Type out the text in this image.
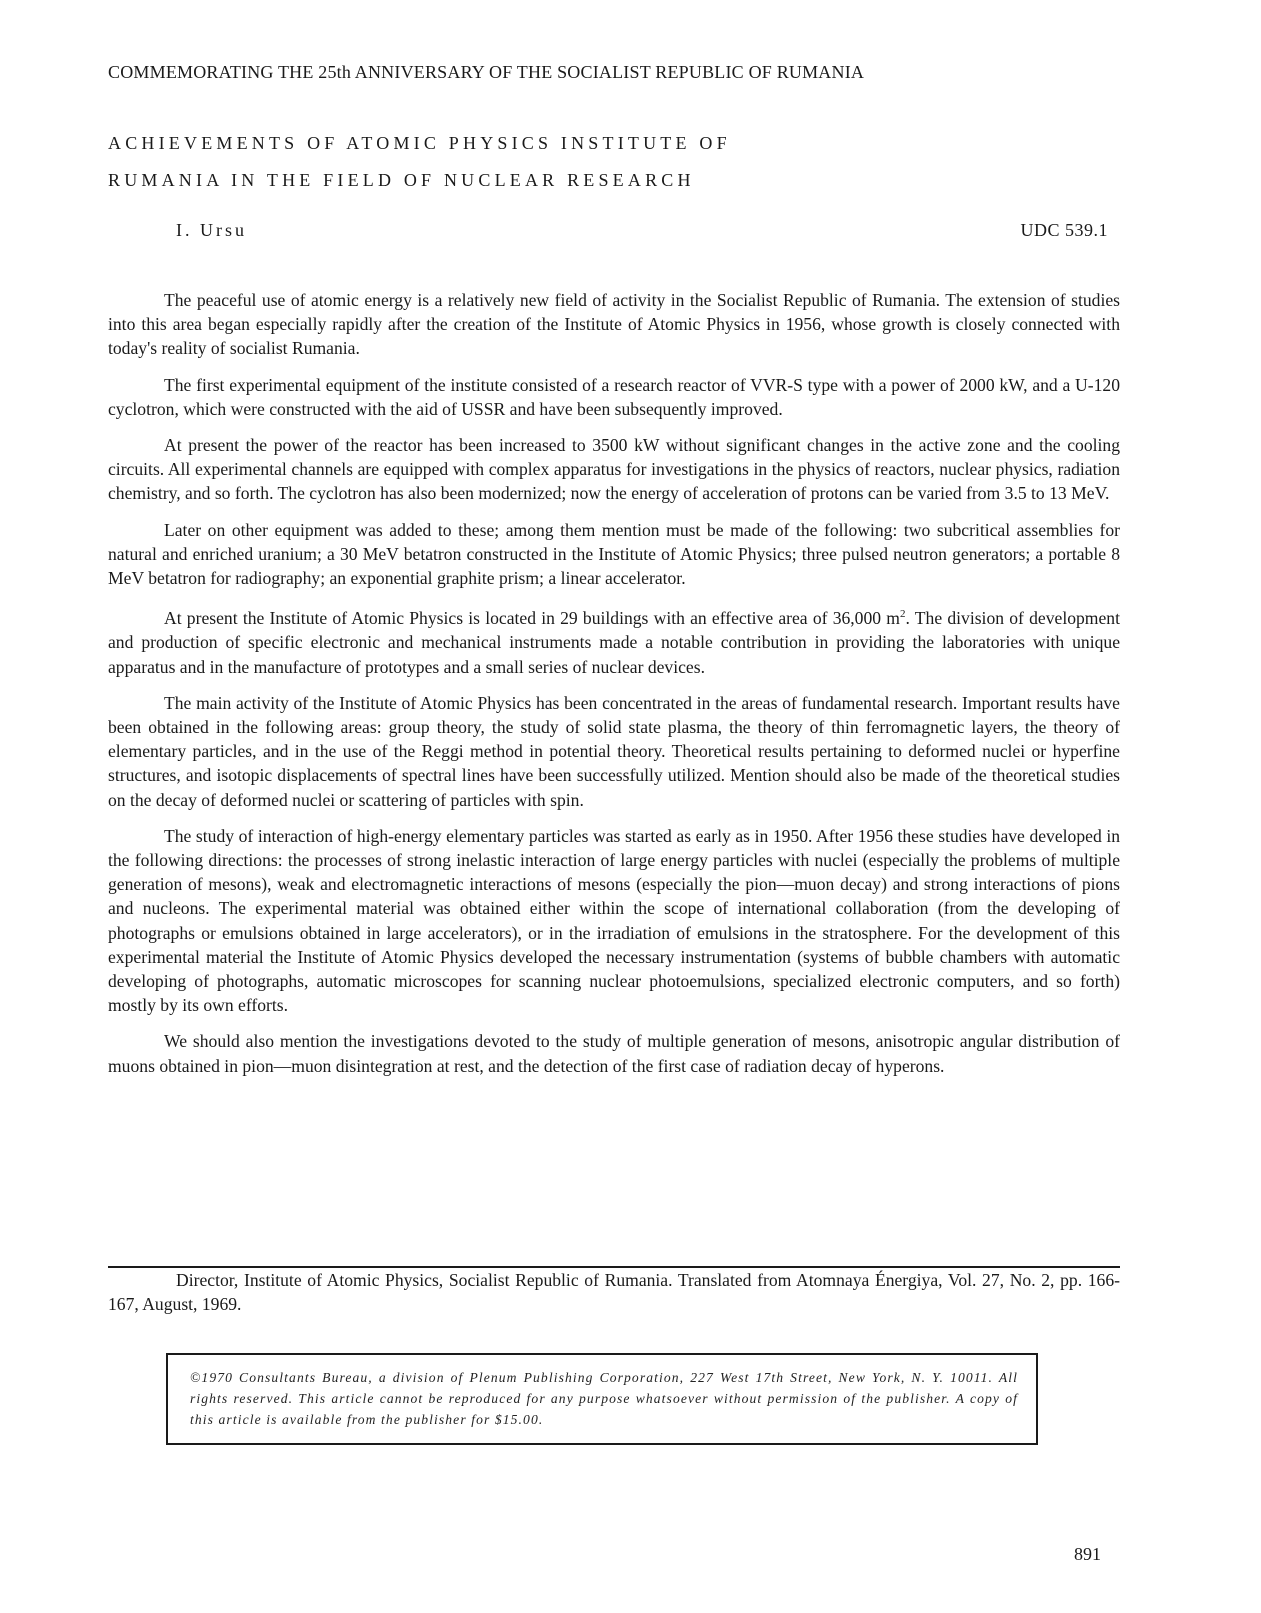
COMMEMORATING THE 25th ANNIVERSARY OF THE SOCIALIST REPUBLIC OF RUMANIA
ACHIEVEMENTS OF ATOMIC PHYSICS INSTITUTE OF
RUMANIA IN THE FIELD OF NUCLEAR RESEARCH
I. Ursu	UDC 539.1

The peaceful use of atomic energy is a relatively new field of activity in the Socialist Republic of Rumania. The extension of studies into this area began especially rapidly after the creation of the Institute of Atomic Physics in 1956, whose growth is closely connected with today's reality of socialist Rumania.

The first experimental equipment of the institute consisted of a research reactor of VVR-S type with a power of 2000 kW, and a U-120 cyclotron, which were constructed with the aid of USSR and have been subsequently improved.

At present the power of the reactor has been increased to 3500 kW without significant changes in the active zone and the cooling circuits. All experimental channels are equipped with complex apparatus for investigations in the physics of reactors, nuclear physics, radiation chemistry, and so forth. The cyclotron has also been modernized; now the energy of acceleration of protons can be varied from 3.5 to 13 MeV.

Later on other equipment was added to these; among them mention must be made of the following: two subcritical assemblies for natural and enriched uranium; a 30 MeV betatron constructed in the Institute of Atomic Physics; three pulsed neutron generators; a portable 8 MeV betatron for radiography; an exponential graphite prism; a linear accelerator.

At present the Institute of Atomic Physics is located in 29 buildings with an effective area of 36,000 $m^2$. The division of development and production of specific electronic and mechanical instruments made a notable contribution in providing the laboratories with unique apparatus and in the manufacture of prototypes and a small series of nuclear devices.

The main activity of the Institute of Atomic Physics has been concentrated in the areas of fundamental research. Important results have been obtained in the following areas: group theory, the study of solid state plasma, the theory of thin ferromagnetic layers, the theory of elementary particles, and in the use of the Reggi method in potential theory. Theoretical results pertaining to deformed nuclei or hyperfine structures, and isotopic displacements of spectral lines have been successfully utilized. Mention should also be made of the theoretical studies on the decay of deformed nuclei or scattering of particles with spin.

The study of interaction of high-energy elementary particles was started as early as in 1950. After 1956 these studies have developed in the following directions: the processes of strong inelastic interaction of large energy particles with nuclei (especially the problems of multiple generation of mesons), weak and electromagnetic interactions of mesons (especially the pion—muon decay) and strong interactions of pions and nucleons. The experimental material was obtained either within the scope of international collaboration (from the developing of photographs or emulsions obtained in large accelerators), or in the irradiation of emulsions in the stratosphere. For the development of this experimental material the Institute of Atomic Physics developed the necessary instrumentation (systems of bubble chambers with automatic developing of photographs, automatic microscopes for scanning nuclear photoemulsions, specialized electronic computers, and so forth) mostly by its own efforts.

We should also mention the investigations devoted to the study of multiple generation of mesons, anisotropic angular distribution of muons obtained in pion—muon disintegration at rest, and the detection of the first case of radiation decay of hyperons.

Director, Institute of Atomic Physics, Socialist Republic of Rumania. Translated from Atomnaya Énergiya, Vol. 27, No. 2, pp. 166-167, August, 1969.

©1970 Consultants Bureau, a division of Plenum Publishing Corporation, 227 West 17th Street, New York, N. Y. 10011. All rights reserved. This article cannot be reproduced for any purpose whatsoever without permission of the publisher. A copy of this article is available from the publisher for $15.00.
891
